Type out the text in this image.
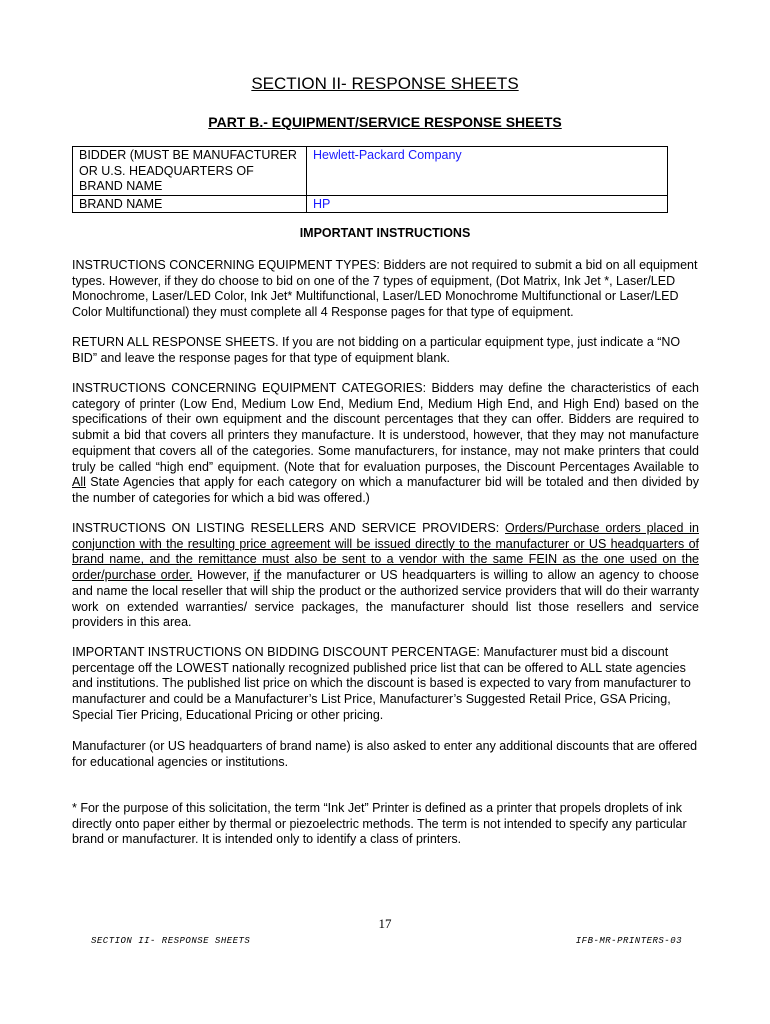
SECTION II- RESPONSE SHEETS
PART B.- EQUIPMENT/SERVICE RESPONSE SHEETS
BIDDER (MUST BE MANUFACTURER OR U.S. HEADQUARTERS OF BRAND NAME	Hewlett-Packard Company
BRAND NAME	HP
IMPORTANT INSTRUCTIONS

INSTRUCTIONS CONCERNING EQUIPMENT TYPES: Bidders are not required to submit a bid on all equipment types. However, if they do choose to bid on one of the 7 types of equipment, (Dot Matrix, Ink Jet *, Laser/LED Monochrome, Laser/LED Color, Ink Jet* Multifunctional, Laser/LED Monochrome Multifunctional or Laser/LED Color Multifunctional) they must complete all 4 Response pages for that type of equipment.

RETURN ALL RESPONSE SHEETS. If you are not bidding on a particular equipment type, just indicate a “NO BID” and leave the response pages for that type of equipment blank.

INSTRUCTIONS CONCERNING EQUIPMENT CATEGORIES: Bidders may define the characteristics of each category of printer (Low End, Medium Low End, Medium End, Medium High End, and High End) based on the specifications of their own equipment and the discount percentages that they can offer. Bidders are required to submit a bid that covers all printers they manufacture. It is understood, however, that they may not manufacture equipment that covers all of the categories. Some manufacturers, for instance, may not make printers that could truly be called “high end” equipment. (Note that for evaluation purposes, the Discount Percentages Available to All State Agencies that apply for each category on which a manufacturer bid will be totaled and then divided by the number of categories for which a bid was offered.)

INSTRUCTIONS ON LISTING RESELLERS AND SERVICE PROVIDERS: Orders/Purchase orders placed in conjunction with the resulting price agreement will be issued directly to the manufacturer or US headquarters of brand name, and the remittance must also be sent to a vendor with the same FEIN as the one used on the order/purchase order. However, if the manufacturer or US headquarters is willing to allow an agency to choose and name the local reseller that will ship the product or the authorized service providers that will do their warranty work on extended warranties/ service packages, the manufacturer should list those resellers and service providers in this area.

IMPORTANT INSTRUCTIONS ON BIDDING DISCOUNT PERCENTAGE: Manufacturer must bid a discount percentage off the LOWEST nationally recognized published price list that can be offered to ALL state agencies and institutions. The published list price on which the discount is based is expected to vary from manufacturer to manufacturer and could be a Manufacturer’s List Price, Manufacturer’s Suggested Retail Price, GSA Pricing, Special Tier Pricing, Educational Pricing or other pricing.

Manufacturer (or US headquarters of brand name) is also asked to enter any additional discounts that are offered for educational agencies or institutions.

* For the purpose of this solicitation, the term “Ink Jet” Printer is defined as a printer that propels droplets of ink directly onto paper either by thermal or piezoelectric methods. The term is not intended to specify any particular brand or manufacturer. It is intended only to identify a class of printers.

17
SECTION II- RESPONSE SHEETS	IFB-MR-PRINTERS-03
